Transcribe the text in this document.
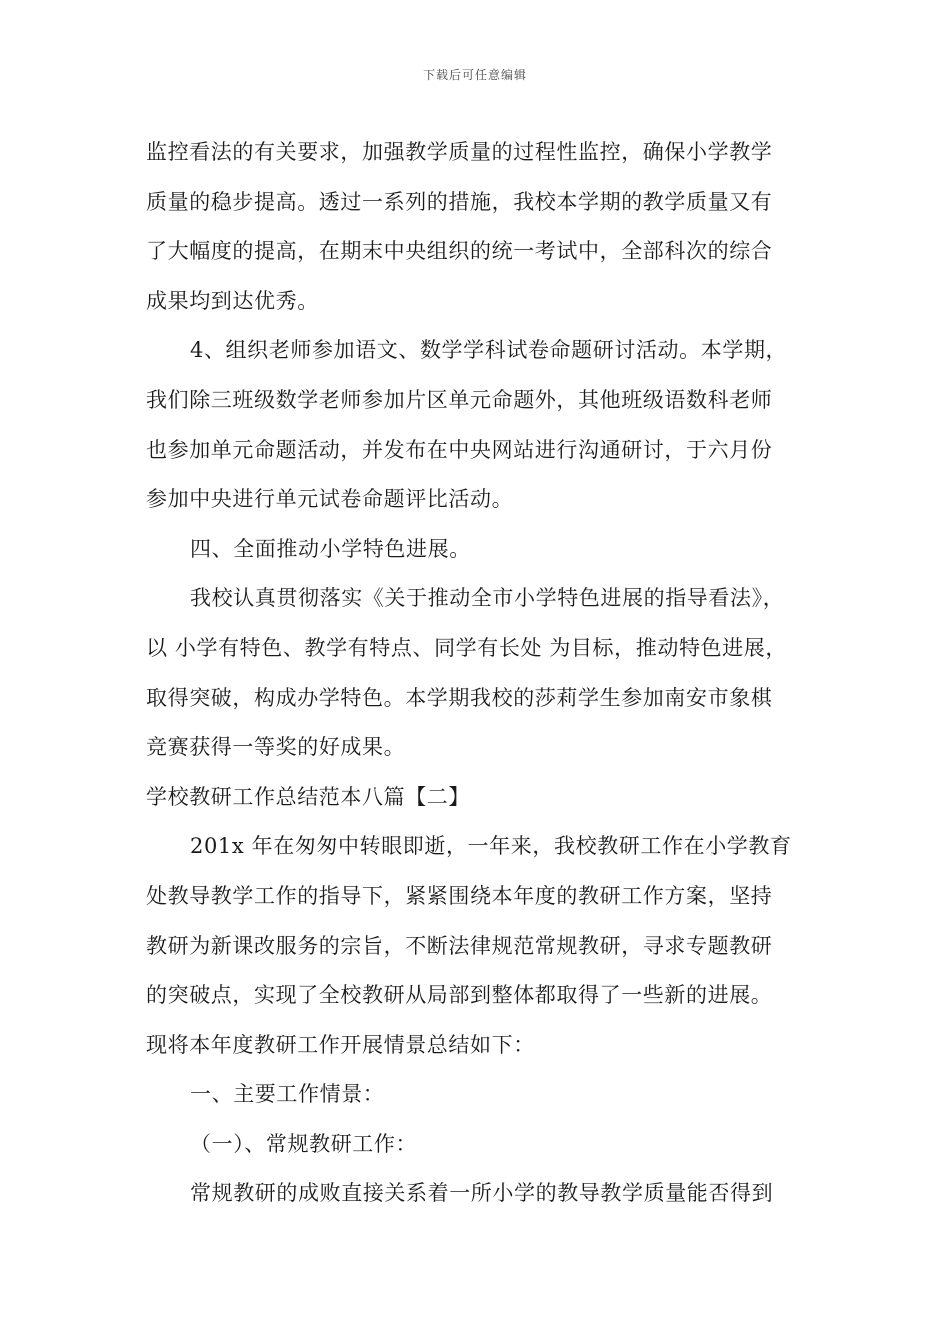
下载后可任意编辑

监控看法的有关要求，加强教学质量的过程性监控，确保小学教学
质量的稳步提高。透过一系列的措施，我校本学期的教学质量又有
了大幅度的提高，在期末中央组织的统一考试中，全部科次的综合
成果均到达优秀。
4、组织老师参加语文、数学学科试卷命题研讨活动。本学期，
我们除三班级数学老师参加片区单元命题外，其他班级语数科老师
也参加单元命题活动，并发布在中央网站进行沟通研讨，于六月份
参加中央进行单元试卷命题评比活动。
四、全面推动小学特色进展。
我校认真贯彻落实《关于推动全市小学特色进展的指导看法》，
以 小学有特色、教学有特点、同学有长处 为目标，推动特色进展，
取得突破，构成办学特色。本学期我校的莎莉学生参加南安市象棋
竞赛获得一等奖的好成果。
学校教研工作总结范本八篇【二】
201x 年在匆匆中转眼即逝，一年来，我校教研工作在小学教育
处教导教学工作的指导下，紧紧围绕本年度的教研工作方案，坚持
教研为新课改服务的宗旨，不断法律规范常规教研，寻求专题教研
的突破点，实现了全校教研从局部到整体都取得了一些新的进展。
现将本年度教研工作开展情景总结如下：
一、主要工作情景：
（一）、常规教研工作：
常规教研的成败直接关系着一所小学的教导教学质量能否得到
